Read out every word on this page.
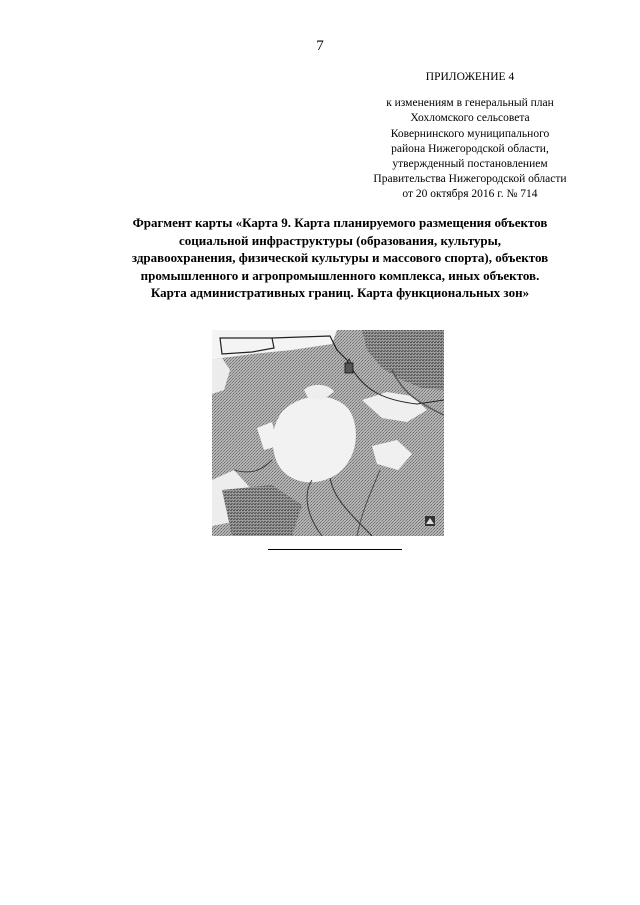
7
ПРИЛОЖЕНИЕ 4
к изменениям в генеральный план
Хохломского сельсовета
Ковернинского муниципального
района Нижегородской области,
утвержденный постановлением
Правительства Нижегородской области
от 20 октября 2016 г. № 714
Фрагмент карты «Карта 9. Карта планируемого размещения объектов
социальной инфраструктуры (образования, культуры,
здравоохранения, физической культуры и массового спорта), объектов
промышленного и агропромышленного комплекса, иных объектов.
Карта административных границ. Карта функциональных зон»
